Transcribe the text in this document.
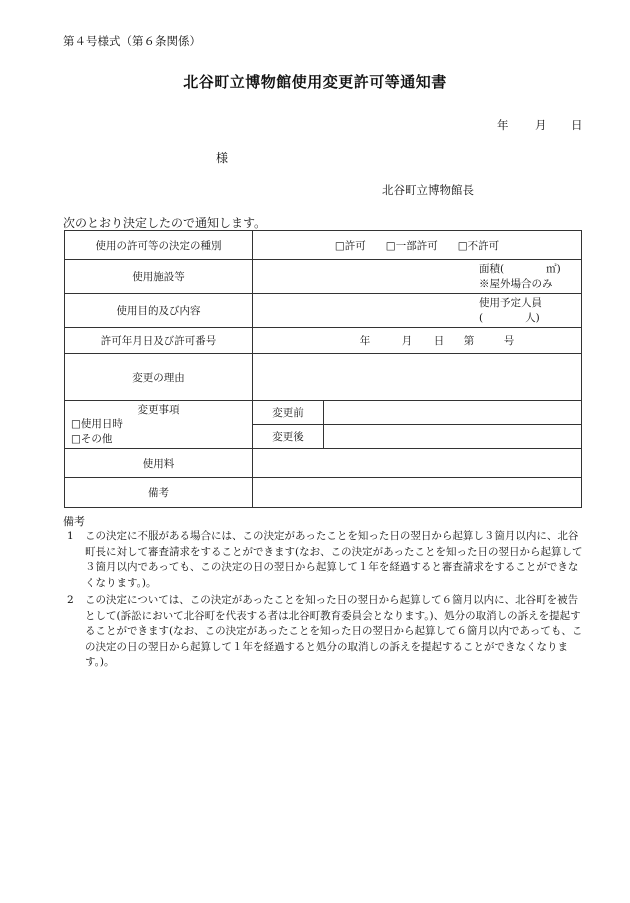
第４号様式（第６条関係）
北谷町立博物館使用変更許可等通知書
年 月 日
様
北谷町立博物館長
次のとおり決定したので通知します。
使用の許可等の決定の種別	□許可 □一部許可 □不許可	

使用施設等	面積(　　　　㎡)
※屋外場合のみ	

使用目的及び内容	使用予定人員
(　　　　人)	

許可年月日及び許可番号	年 月 日 第 号	

変更の理由		

変更事項
□使用日時
□その他	変更前	
	変更後	
使用料		
備考		
備考
1	この決定に不服がある場合には、この決定があったことを知った日の翌日から起算し３箇月以内に、北谷町長に対して審査請求をすることができます(なお、この決定があったことを知った日の翌日から起算して３箇月以内であっても、この決定の日の翌日から起算して１年を経過すると審査請求をすることができなくなります。)。
2	この決定については、この決定があったことを知った日の翌日から起算して６箇月以内に、北谷町を被告として(訴訟において北谷町を代表する者は北谷町教育委員会となります。)、処分の取消しの訴えを提起することができます(なお、この決定があったことを知った日の翌日から起算して６箇月以内であっても、この決定の日の翌日から起算して１年を経過すると処分の取消しの訴えを提起することができなくなります。)。
